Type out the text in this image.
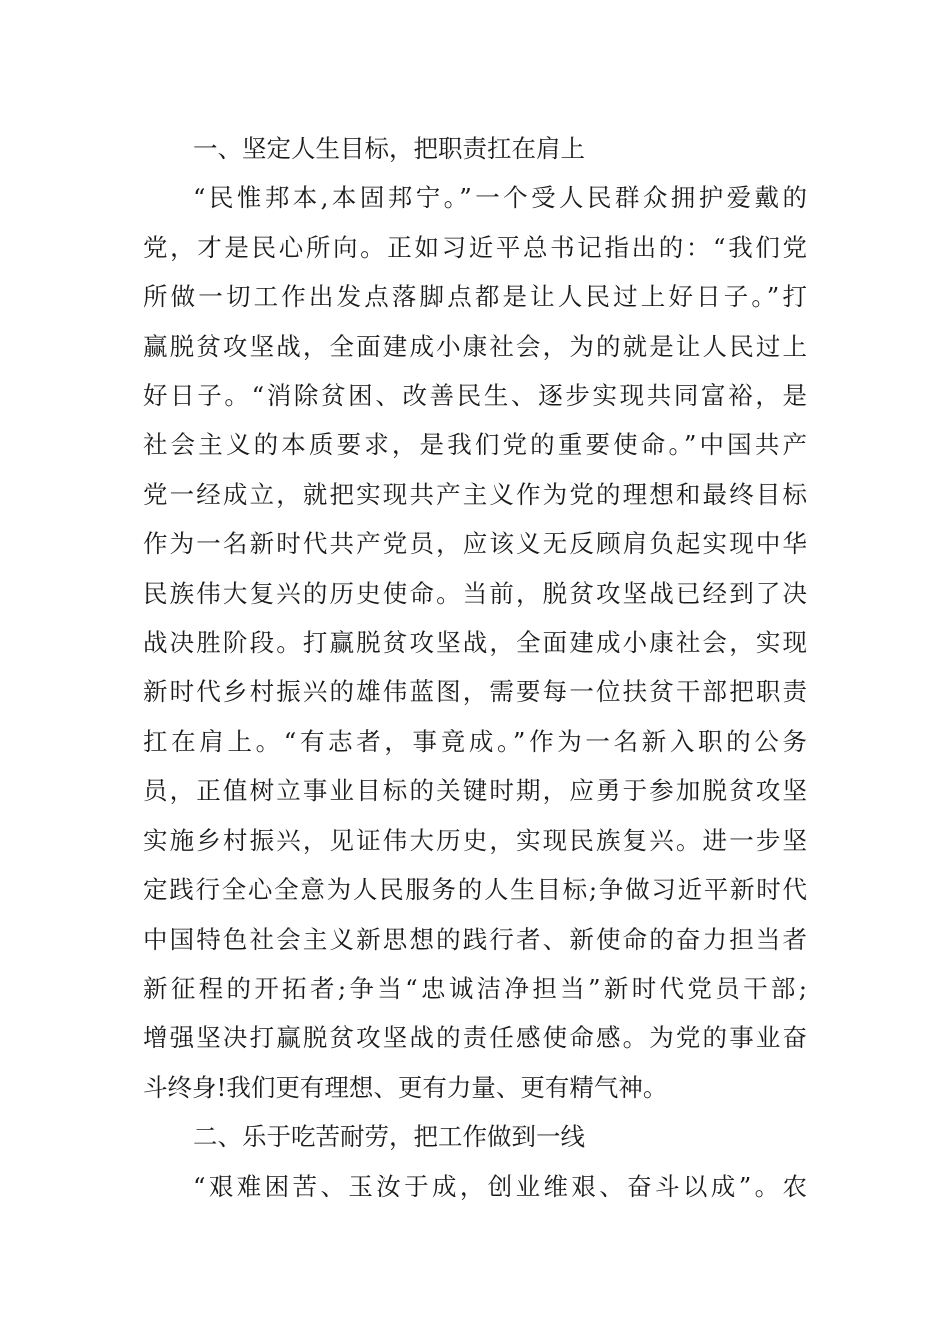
一、坚定人生目标，把职责扛在肩上
“民惟邦本,本固邦宁。”一个受人民群众拥护爱戴的
党，才是民心所向。正如习近平总书记指出的：“我们党
所做一切工作出发点落脚点都是让人民过上好日子。”打
赢脱贫攻坚战，全面建成小康社会，为的就是让人民过上
好日子。“消除贫困、改善民生、逐步实现共同富裕，是
社会主义的本质要求，是我们党的重要使命。”中国共产
党一经成立，就把实现共产主义作为党的理想和最终目标
作为一名新时代共产党员，应该义无反顾肩负起实现中华
民族伟大复兴的历史使命。当前，脱贫攻坚战已经到了决
战决胜阶段。打赢脱贫攻坚战，全面建成小康社会，实现
新时代乡村振兴的雄伟蓝图，需要每一位扶贫干部把职责
扛在肩上。“有志者，事竟成。”作为一名新入职的公务
员，正值树立事业目标的关键时期，应勇于参加脱贫攻坚
实施乡村振兴，见证伟大历史，实现民族复兴。进一步坚
定践行全心全意为人民服务的人生目标;争做习近平新时代
中国特色社会主义新思想的践行者、新使命的奋力担当者
新征程的开拓者;争当“忠诚洁净担当”新时代党员干部;
增强坚决打赢脱贫攻坚战的责任感使命感。为党的事业奋
斗终身!我们更有理想、更有力量、更有精气神。
二、乐于吃苦耐劳，把工作做到一线
“艰难困苦、玉汝于成，创业维艰、奋斗以成”。农
